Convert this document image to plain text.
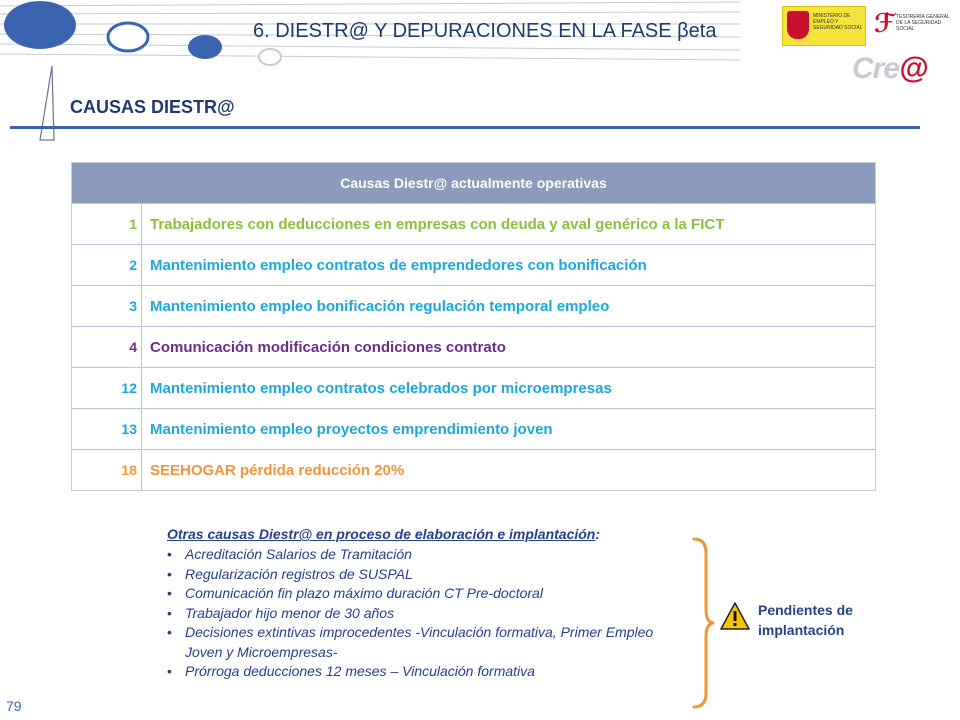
6. DIESTR@ Y DEPURACIONES EN LA FASE βeta
MINISTERIO DE EMPLEO Y SEGURIDAD SOCIAL ℱ TESORERÍA GENERAL DE LA SEGURIDAD SOCIAL
Cre@
CAUSAS DIESTR@
Causas Diestr@ actualmente operativas
1 Trabajadores con deducciones en empresas con deuda y aval genérico a la FICT
2 Mantenimiento empleo contratos de emprendedores con bonificación
3 Mantenimiento empleo bonificación regulación temporal empleo
4 Comunicación modificación condiciones contrato
12 Mantenimiento empleo contratos celebrados por microempresas
13 Mantenimiento empleo proyectos emprendimiento joven
18 SEEHOGAR pérdida reducción 20%
Otras causas Diestr@ en proceso de elaboración e implantación:
• Acreditación Salarios de Tramitación
• Regularización registros de SUSPAL
• Comunicación fin plazo máximo duración CT Pre-doctoral
• Trabajador hijo menor de 30 años
• Decisiones extintivas improcedentes -Vinculación formativa, Primer Empleo Joven y Microempresas-
• Prórroga deducciones 12 meses – Vinculación formativa
Pendientes de implantación
79
